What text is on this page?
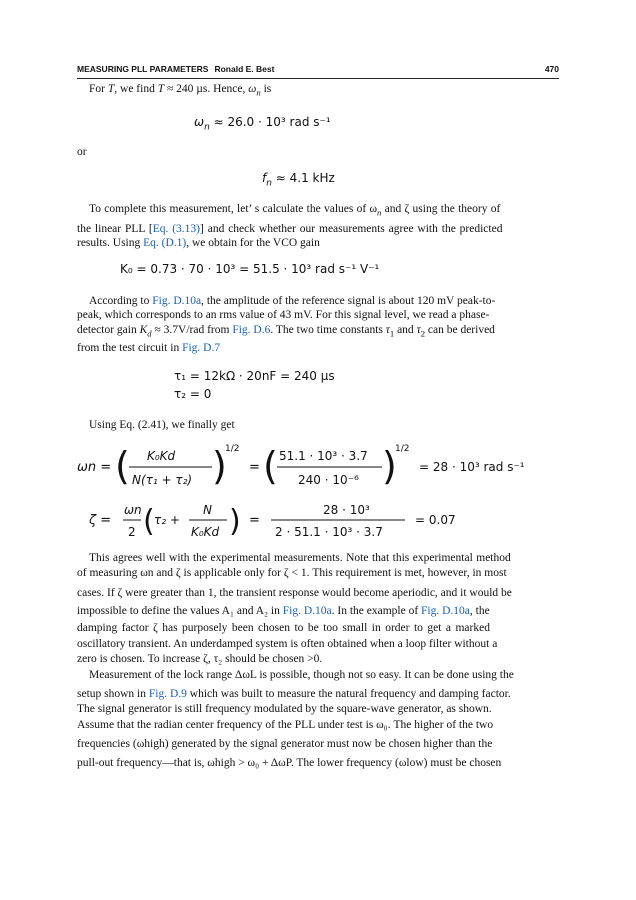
MEASURING PLL PARAMETERS Ronald E. Best	470
For T, we find T ≈ 240 µs. Hence, $\omega_n$ is
$\omega_n \approx 26.0 \cdot 10^3$ rad s⁻¹
or
$f_n \approx 4.1$ kHz
To complete this measurement, let’ s calculate the values of $\omega_n$ and ζ using the theory of
the linear PLL [Eq. (3.13)] and check whether our measurements agree with the predicted
results. Using Eq. (D.1), we obtain for the VCO gain
K₀ = 0.73 · 70 · 10³ = 51.5 · 10³ rad s⁻¹ V⁻¹
According to Fig. D.10a, the amplitude of the reference signal is about 120 mV peak-to-
peak, which corresponds to an rms value of 43 mV. For this signal level, we read a phase-
detector gain $K_d \approx 3.7V/rad$ from Fig. D.6. The two time constants $\tau_1$ and $\tau_2$ can be derived
from the test circuit in Fig. D.7
τ₁ = 12kΩ · 20nF = 240 µs
τ₂ = 0
Using Eq. (2.41), we finally get
ωn = ( K₀Kd
N(τ₁ + τ₂) )
1/2
= ( 51.1 · 10³ · 3.7
240 · 10⁻⁶ )
1/2
= 28 · 10³ rad s⁻¹
ζ =
ωn
2 ( τ₂ +
N
K₀Kd ) =
28 · 10³
2 · 51.1 · 10³ · 3.7
= 0.07
This agrees well with the experimental measurements. Note that this experimental method
of measuring ωn and ζ is applicable only for ζ < 1. This requirement is met, however, in most
cases. If ζ were greater than 1, the transient response would become aperiodic, and it would be
impossible to define the values A₁ and A₂ in Fig. D.10a. In the example of Fig. D.10a, the
damping factor ζ has purposely been chosen to be too small in order to get a marked
oscillatory transient. An underdamped system is often obtained when a loop filter without a
zero is chosen. To increase ζ, τ₂ should be chosen >0.
Measurement of the lock range ΔωL is possible, though not so easy. It can be done using the
setup shown in Fig. D.9 which was built to measure the natural frequency and damping factor.
The signal generator is still frequency modulated by the square-wave generator, as shown.
Assume that the radian center frequency of the PLL under test is ω₀. The higher of the two
frequencies (ωhigh) generated by the signal generator must now be chosen higher than the
pull-out frequency—that is, ωhigh > ω₀ + ΔωP. The lower frequency (ωlow) must be chosen
